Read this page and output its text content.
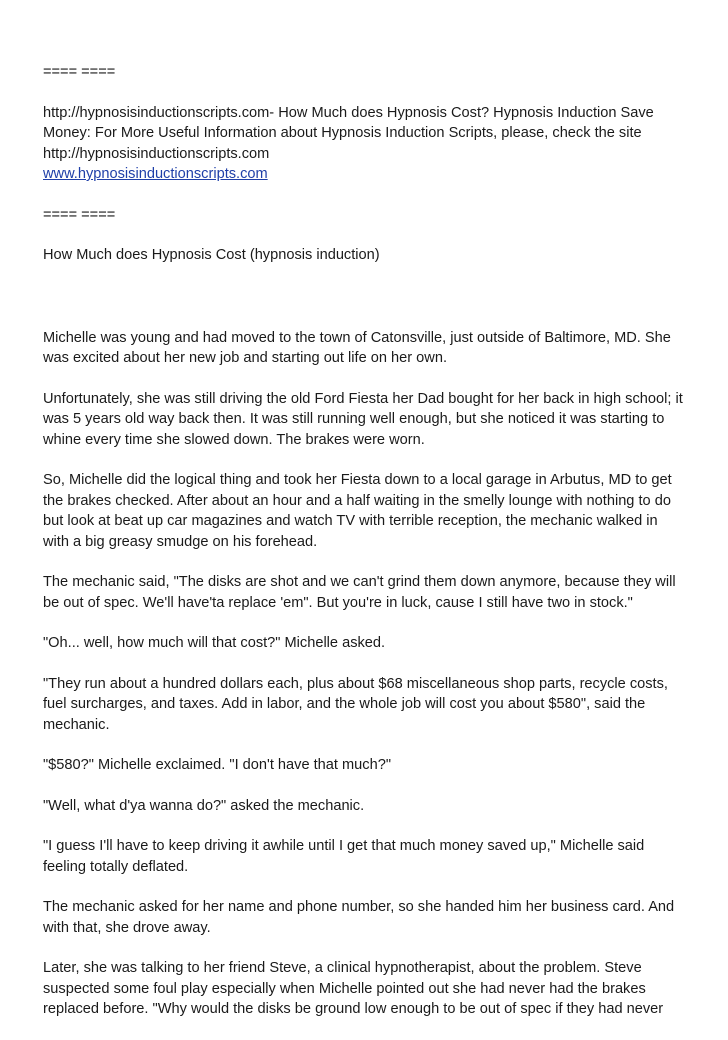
==== ====
http://hypnosisinductionscripts.com- How Much does Hypnosis Cost? Hypnosis Induction Save Money: For More Useful Information about Hypnosis Induction Scripts, please, check the site
http://hypnosisinductionscripts.com
www.hypnosisinductionscripts.com
==== ====
How Much does Hypnosis Cost (hypnosis induction)

Michelle was young and had moved to the town of Catonsville, just outside of Baltimore, MD. She was excited about her new job and starting out life on her own.

Unfortunately, she was still driving the old Ford Fiesta her Dad bought for her back in high school; it was 5 years old way back then. It was still running well enough, but she noticed it was starting to whine every time she slowed down. The brakes were worn.

So, Michelle did the logical thing and took her Fiesta down to a local garage in Arbutus, MD to get the brakes checked. After about an hour and a half waiting in the smelly lounge with nothing to do but look at beat up car magazines and watch TV with terrible reception, the mechanic walked in with a big greasy smudge on his forehead.

The mechanic said, "The disks are shot and we can't grind them down anymore, because they will be out of spec. We'll have'ta replace 'em". But you're in luck, cause I still have two in stock."

"Oh... well, how much will that cost?" Michelle asked.

"They run about a hundred dollars each, plus about $68 miscellaneous shop parts, recycle costs, fuel surcharges, and taxes. Add in labor, and the whole job will cost you about $580", said the mechanic.

"$580?" Michelle exclaimed. "I don't have that much?"

"Well, what d'ya wanna do?" asked the mechanic.

"I guess I'll have to keep driving it awhile until I get that much money saved up," Michelle said feeling totally deflated.

The mechanic asked for her name and phone number, so she handed him her business card. And with that, she drove away.

Later, she was talking to her friend Steve, a clinical hypnotherapist, about the problem. Steve suspected some foul play especially when Michelle pointed out she had never had the brakes replaced before. "Why would the disks be ground low enough to be out of spec if they had never
